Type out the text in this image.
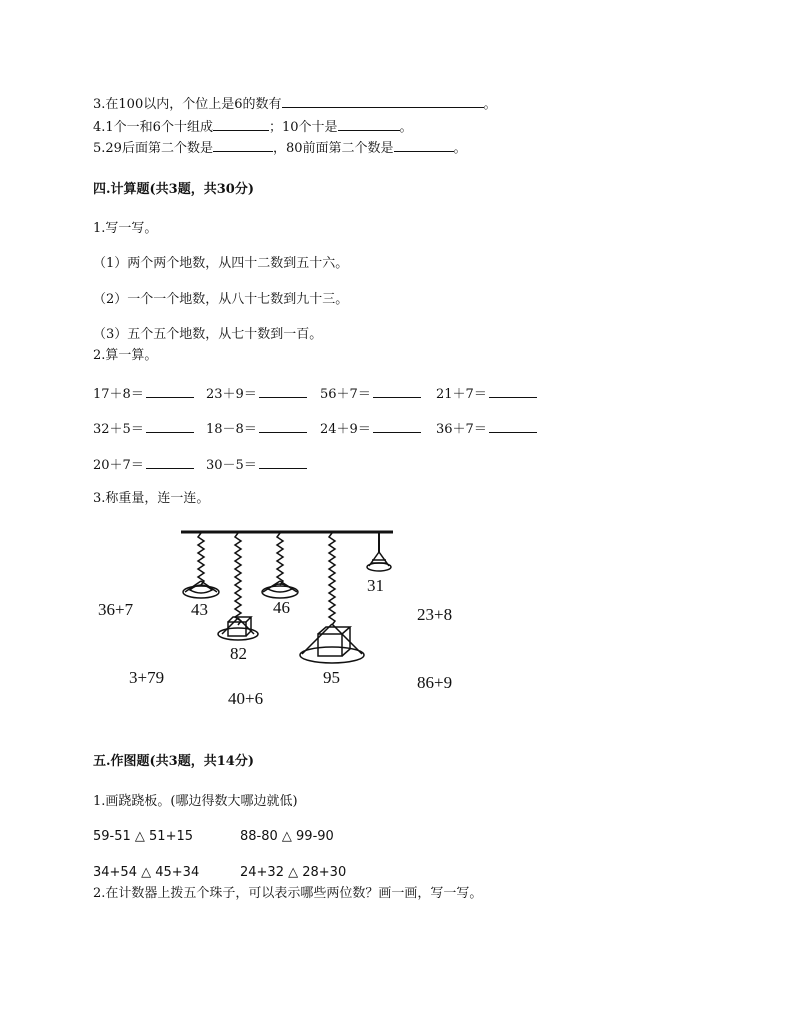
3.在100以内，个位上是6的数有	。
4.1个一和6个十组成	；10个十是	。
5.29后面第二个数是	，80前面第二个数是	。
四.计算题(共3题，共30分)
1.写一写。
（1）两个两个地数，从四十二数到五十六。
（2）一个一个地数，从八十七数到九十三。
（3）五个五个地数，从七十数到一百。
2.算一算。
17＋8＝	23＋9＝	56＋7＝	21＋7＝
32＋5＝	18－8＝	24＋9＝	36＋7＝
20＋7＝	30－5＝
3.称重量，连一连。
43
82
46
95
31
36+7
3+79
40+6
23+8
86+9
五.作图题(共3题，共14分)
1.画跷跷板。(哪边得数大哪边就低)
59-51 △ 51+15	88-80 △ 99-90
34+54 △ 45+34	24+32 △ 28+30
2.在计数器上拨五个珠子，可以表示哪些两位数？画一画，写一写。
